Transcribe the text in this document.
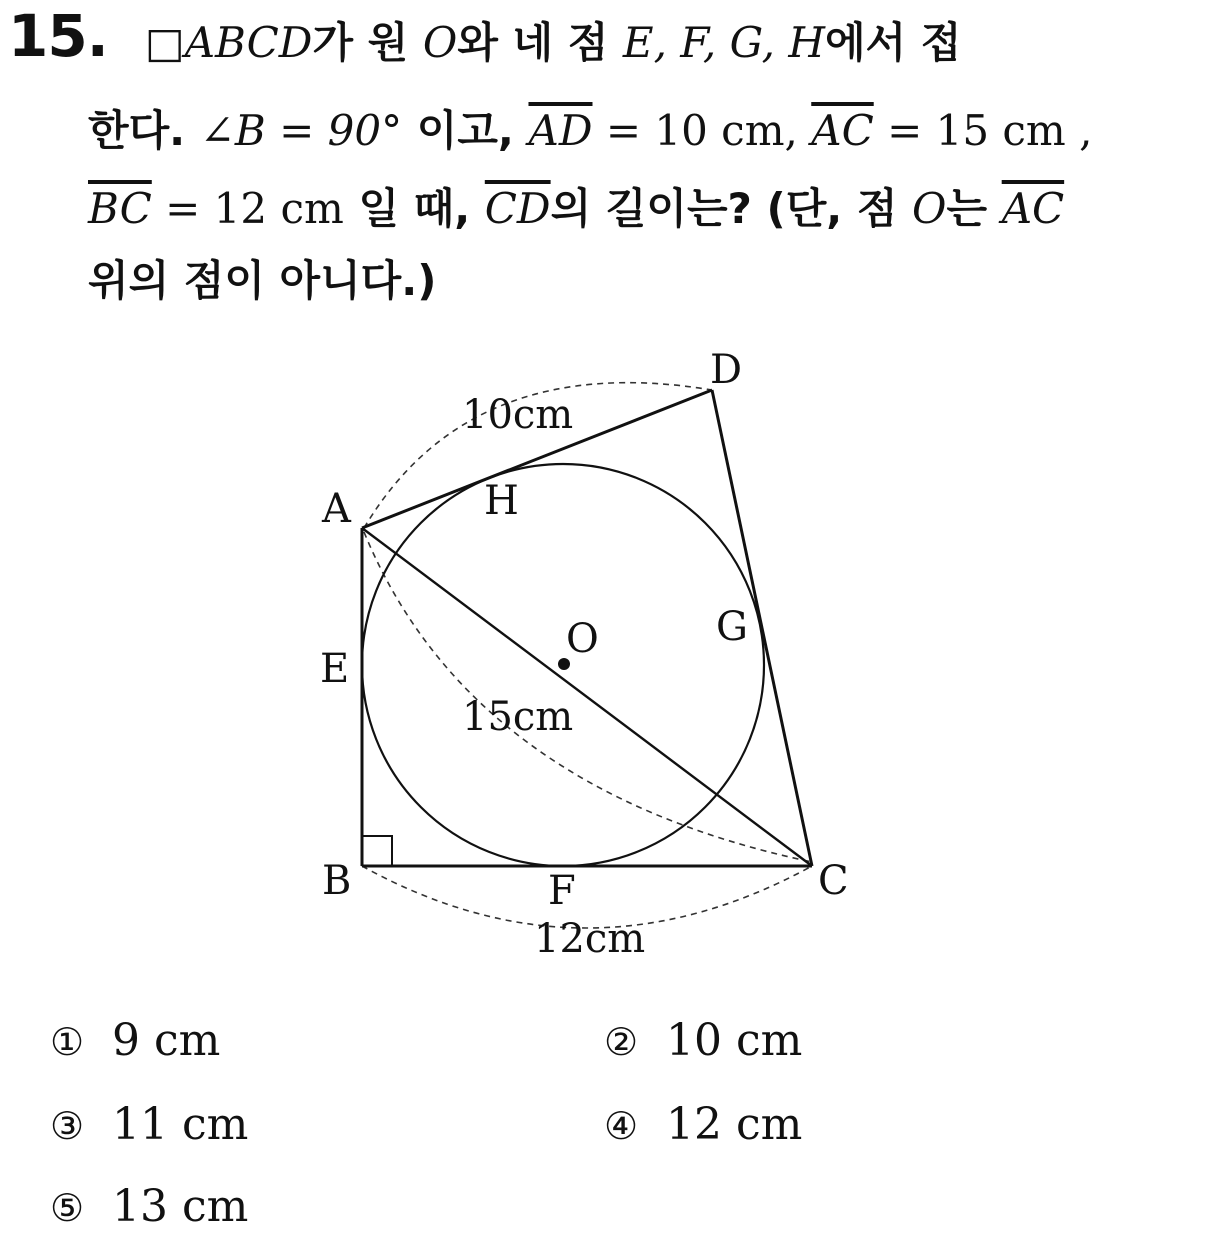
15. □ABCD가 원 O와 네 점 E, F, G, H에서 접
한다. ∠B = 90° 이고, $\overline{AD} = 10$ cm, $\overline{AC} = 15$ cm ,
$\overline{BC} = 12$ cm 일 때, $\overline{CD}$의 길이는? (단, 점 O는 $\overline{AC}$
위의 점이 아니다.)
D
A	H
G
O
E
B	F	C
10cm
15cm
12cm
① 9 cm	② 10 cm
③ 11 cm	④ 12 cm
⑤ 13 cm
